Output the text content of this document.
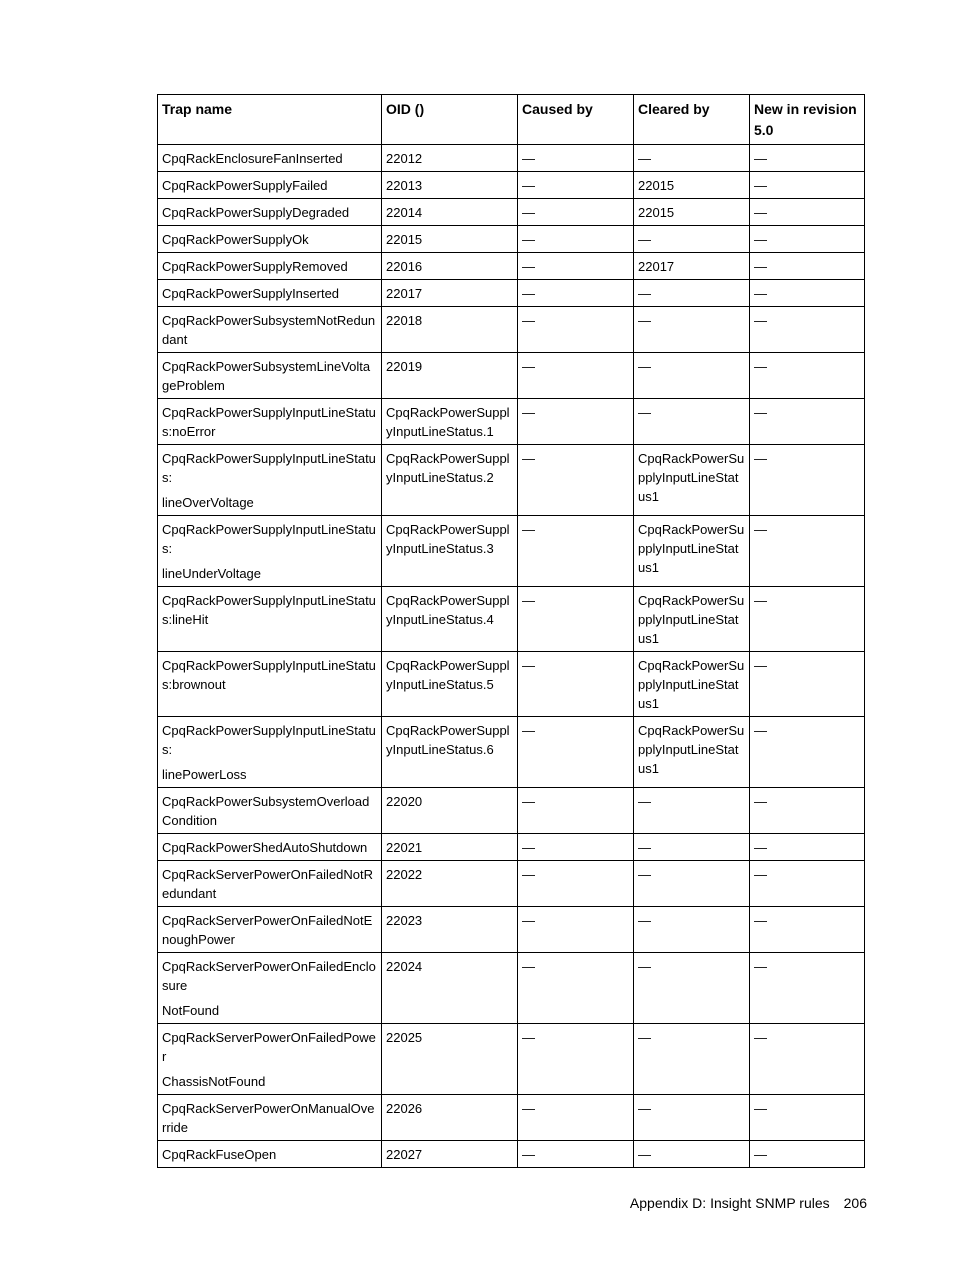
Trap name	OID ()	Caused by	Cleared by	New in revision 5.0
CpqRackEnclosureFanInserted	22012	—	—	—
CpqRackPowerSupplyFailed	22013	—	22015	—
CpqRackPowerSupplyDegraded	22014	—	22015	—
CpqRackPowerSupplyOk	22015	—	—	—
CpqRackPowerSupplyRemoved	22016	—	22017	—
CpqRackPowerSupplyInserted	22017	—	—	—
CpqRackPowerSubsystemNotRedundant	22018	—	—	—
CpqRackPowerSubsystemLineVoltageProblem	22019	—	—	—
CpqRackPowerSupplyInputLineStatus:noError	CpqRackPowerSupplyInputLineStatus.1	—	—	—

CpqRackPowerSupplyInputLineStatus:
lineOverVoltage	CpqRackPowerSupplyInputLineStatus.2	—	CpqRackPowerSupplyInputLineStatus1	—

CpqRackPowerSupplyInputLineStatus:
lineUnderVoltage	CpqRackPowerSupplyInputLineStatus.3	—	CpqRackPowerSupplyInputLineStatus1	—
CpqRackPowerSupplyInputLineStatus:lineHit	CpqRackPowerSupplyInputLineStatus.4	—	CpqRackPowerSupplyInputLineStatus1	—
CpqRackPowerSupplyInputLineStatus:brownout	CpqRackPowerSupplyInputLineStatus.5	—	CpqRackPowerSupplyInputLineStatus1	—

CpqRackPowerSupplyInputLineStatus:
linePowerLoss	CpqRackPowerSupplyInputLineStatus.6	—	CpqRackPowerSupplyInputLineStatus1	—
CpqRackPowerSubsystemOverloadCondition	22020	—	—	—
CpqRackPowerShedAutoShutdown	22021	—	—	—
CpqRackServerPowerOnFailedNotRedundant	22022	—	—	—
CpqRackServerPowerOnFailedNotEnoughPower	22023	—	—	—

CpqRackServerPowerOnFailedEnclosure
NotFound	22024	—	—	—

CpqRackServerPowerOnFailedPower
ChassisNotFound	22025	—	—	—
CpqRackServerPowerOnManualOverride	22026	—	—	—
CpqRackFuseOpen	22027	—	—	—
Appendix D: Insight SNMP rules 206
